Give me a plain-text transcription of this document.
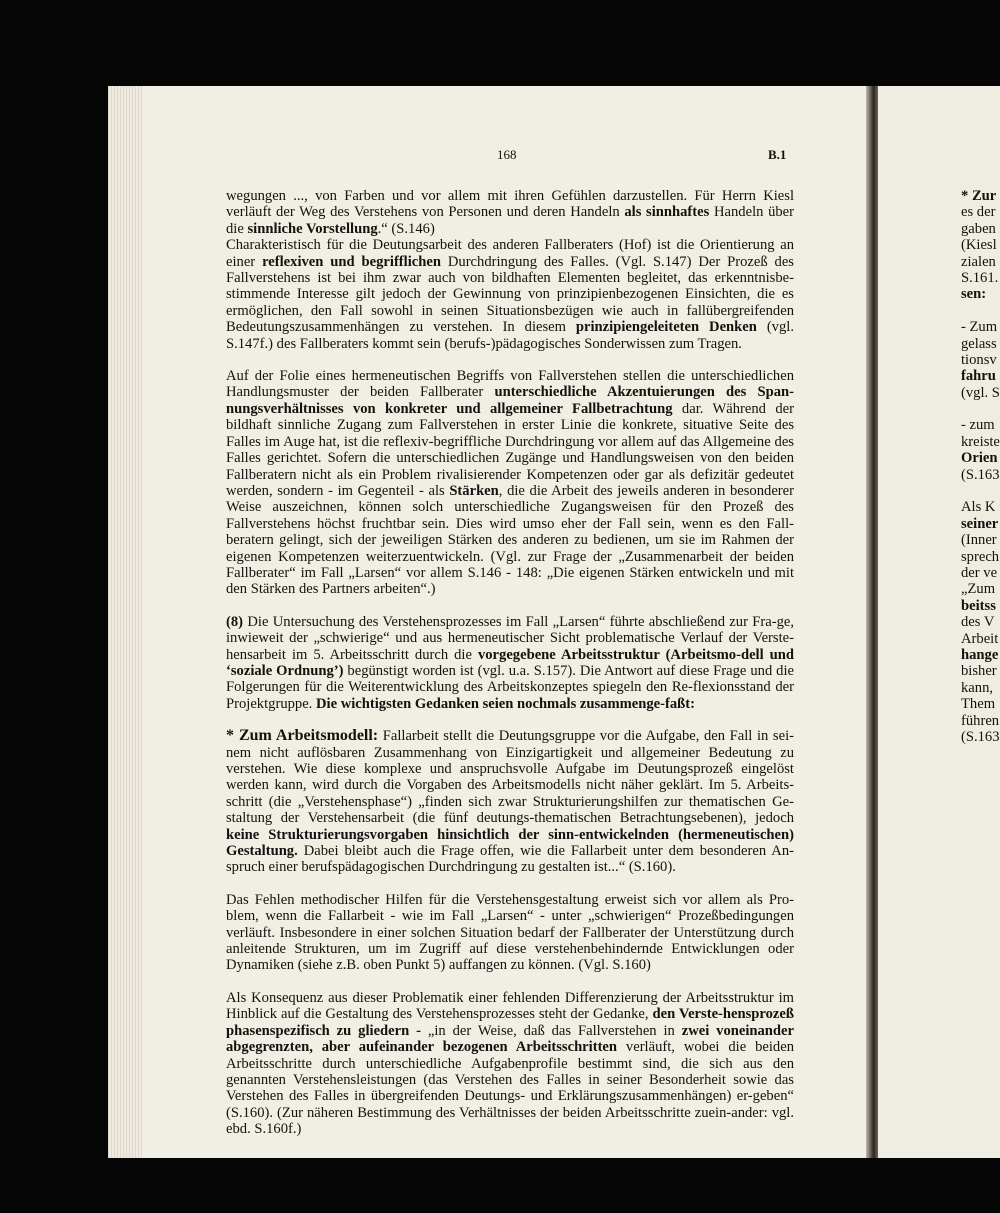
168	B.1

wegungen ..., von Farben und vor allem mit ihren Gefühlen darzustellen. Für Herrn Kiesl verläuft der Weg des Verstehens von Personen und deren Handeln als sinnhaftes Handeln über die sinnliche Vorstellung.“ (S.146)

Charakteristisch für die Deutungsarbeit des anderen Fallberaters (Hof) ist die Orientierung an einer reflexiven und begrifflichen Durchdringung des Falles. (Vgl. S.147) Der Prozeß des Fallverstehens ist bei ihm zwar auch von bildhaften Elementen begleitet, das erkenntnisbe-stimmende Interesse gilt jedoch der Gewinnung von prinzipienbezogenen Einsichten, die es ermöglichen, den Fall sowohl in seinen Situationsbezügen wie auch in fallübergreifenden Bedeutungszusammenhängen zu verstehen. In diesem prinzipiengeleiteten Denken (vgl. S.147f.) des Fallberaters kommt sein (berufs-)pädagogisches Sonderwissen zum Tragen.

Auf der Folie eines hermeneutischen Begriffs von Fallverstehen stellen die unterschiedlichen Handlungsmuster der beiden Fallberater unterschiedliche Akzentuierungen des Span-nungsverhältnisses von konkreter und allgemeiner Fallbetrachtung dar. Während der bildhaft sinnliche Zugang zum Fallverstehen in erster Linie die konkrete, situative Seite des Falles im Auge hat, ist die reflexiv-begriffliche Durchdringung vor allem auf das Allgemeine des Falles gerichtet. Sofern die unterschiedlichen Zugänge und Handlungsweisen von den beiden Fallberatern nicht als ein Problem rivalisierender Kompetenzen oder gar als defizitär gedeutet werden, sondern - im Gegenteil - als Stärken, die die Arbeit des jeweils anderen in besonderer Weise auszeichnen, können solch unterschiedliche Zugangsweisen für den Prozeß des Fallverstehens höchst fruchtbar sein. Dies wird umso eher der Fall sein, wenn es den Fall-beratern gelingt, sich der jeweiligen Stärken des anderen zu bedienen, um sie im Rahmen der eigenen Kompetenzen weiterzuentwickeln. (Vgl. zur Frage der „Zusammenarbeit der beiden Fallberater“ im Fall „Larsen“ vor allem S.146 - 148: „Die eigenen Stärken entwickeln und mit den Stärken des Partners arbeiten“.)

(8) Die Untersuchung des Verstehensprozesses im Fall „Larsen“ führte abschließend zur Fra-ge, inwieweit der „schwierige“ und aus hermeneutischer Sicht problematische Verlauf der Verste-hensarbeit im 5. Arbeitsschritt durch die vorgegebene Arbeitsstruktur (Arbeitsmo-dell und ‘soziale Ordnung’) begünstigt worden ist (vgl. u.a. S.157). Die Antwort auf diese Frage und die Folgerungen für die Weiterentwicklung des Arbeitskonzeptes spiegeln den Re-flexionsstand der Projektgruppe. Die wichtigsten Gedanken seien nochmals zusammenge-faßt:

* Zum Arbeitsmodell: Fallarbeit stellt die Deutungsgruppe vor die Aufgabe, den Fall in sei-nem nicht auflösbaren Zusammenhang von Einzigartigkeit und allgemeiner Bedeutung zu verstehen. Wie diese komplexe und anspruchsvolle Aufgabe im Deutungsprozeß eingelöst werden kann, wird durch die Vorgaben des Arbeitsmodells nicht näher geklärt. Im 5. Arbeits-schritt (die „Verstehensphase“) „finden sich zwar Strukturierungshilfen zur thematischen Ge-staltung der Verstehensarbeit (die fünf deutungs-thematischen Betrachtungsebenen), jedoch keine Strukturierungsvorgaben hinsichtlich der sinn-entwickelnden (hermeneutischen) Gestaltung. Dabei bleibt auch die Frage offen, wie die Fallarbeit unter dem besonderen An-spruch einer berufspädagogischen Durchdringung zu gestalten ist...“ (S.160).

Das Fehlen methodischer Hilfen für die Verstehensgestaltung erweist sich vor allem als Pro-blem, wenn die Fallarbeit - wie im Fall „Larsen“ - unter „schwierigen“ Prozeßbedingungen verläuft. Insbesondere in einer solchen Situation bedarf der Fallberater der Unterstützung durch anleitende Strukturen, um im Zugriff auf diese verstehenbehindernde Entwicklungen oder Dynamiken (siehe z.B. oben Punkt 5) auffangen zu können. (Vgl. S.160)

Als Konsequenz aus dieser Problematik einer fehlenden Differenzierung der Arbeitsstruktur im Hinblick auf die Gestaltung des Verstehensprozesses steht der Gedanke, den Verste-hensprozeß phasenspezifisch zu gliedern - „in der Weise, daß das Fallverstehen in zwei voneinander abgegrenzten, aber aufeinander bezogenen Arbeitsschritten verläuft, wobei die beiden Arbeitsschritte durch unterschiedliche Aufgabenprofile bestimmt sind, die sich aus den genannten Verstehensleistungen (das Verstehen des Falles in seiner Besonderheit sowie das Verstehen des Falles in übergreifenden Deutungs- und Erklärungszusammenhängen) er-geben“ (S.160). (Zur näheren Bestimmung des Verhältnisses der beiden Arbeitsschritte zuein-ander: vgl. ebd. S.160f.)

* Zur
es der
gaben
(Kiesl
zialen
S.161.
sen:
- Zum
gelass
tionsv
fahru
(vgl. S
- zum
kreiste
Orien
(S.163
Als K
seiner
(Inner
sprech
der ve
„Zum
beitss
des V
Arbeit
hange
bisher
kann,
Them
führen
(S.163
